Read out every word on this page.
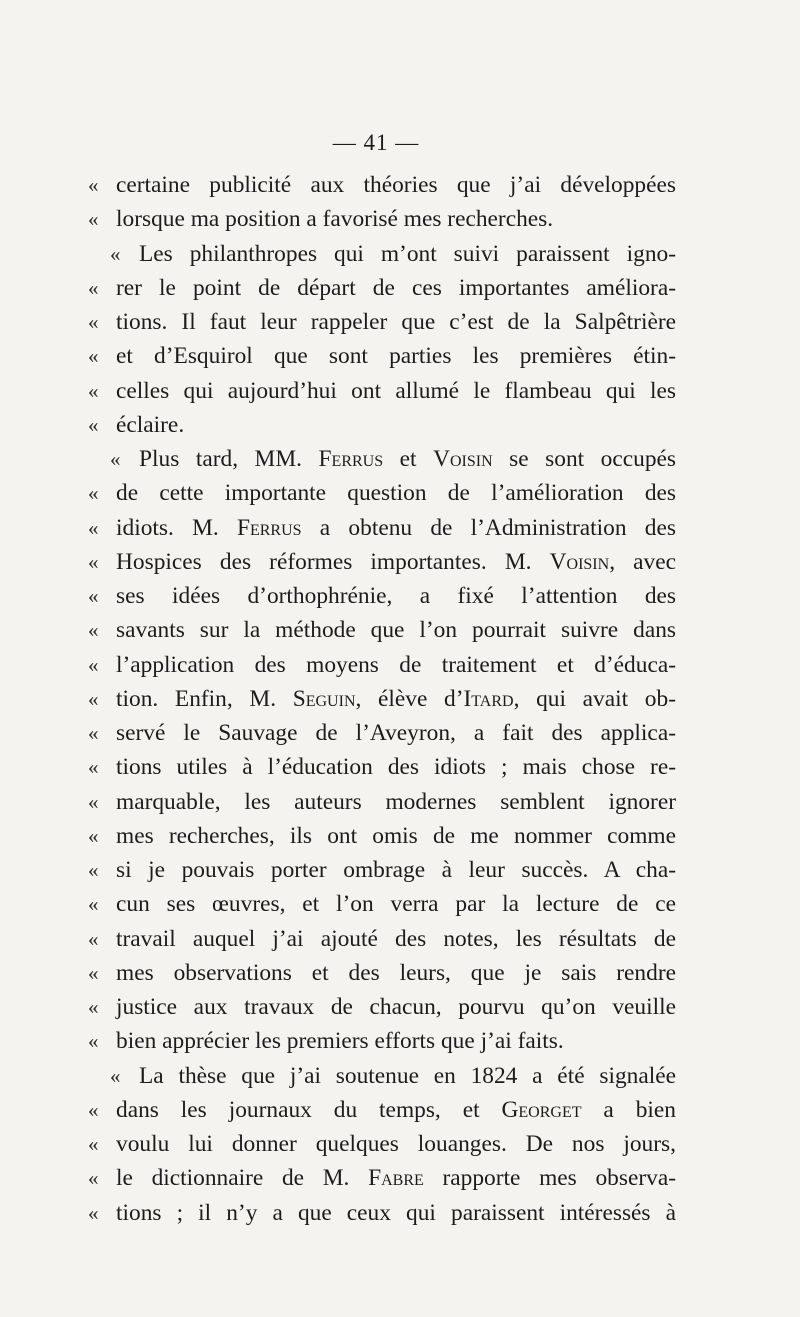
— 41 —
« certaine publicité aux théories que j’ai développées
« lorsque ma position a favorisé mes recherches.
« Les philanthropes qui m’ont suivi paraissent igno-
« rer le point de départ de ces importantes améliora-
« tions. Il faut leur rappeler que c’est de la Salpêtrière
« et d’Esquirol que sont parties les premières étin-
« celles qui aujourd’hui ont allumé le flambeau qui les
« éclaire.
« Plus tard, MM. Ferrus et Voisin se sont occupés
« de cette importante question de l’amélioration des
« idiots. M. Ferrus a obtenu de l’Administration des
« Hospices des réformes importantes. M. Voisin, avec
« ses idées d’orthophrénie, a fixé l’attention des
« savants sur la méthode que l’on pourrait suivre dans
« l’application des moyens de traitement et d’éduca-
« tion. Enfin, M. Seguin, élève d’Itard, qui avait ob-
« servé le Sauvage de l’Aveyron, a fait des applica-
« tions utiles à l’éducation des idiots ; mais chose re-
« marquable, les auteurs modernes semblent ignorer
« mes recherches, ils ont omis de me nommer comme
« si je pouvais porter ombrage à leur succès. A cha-
« cun ses œuvres, et l’on verra par la lecture de ce
« travail auquel j’ai ajouté des notes, les résultats de
« mes observations et des leurs, que je sais rendre
« justice aux travaux de chacun, pourvu qu’on veuille
« bien apprécier les premiers efforts que j’ai faits.
« La thèse que j’ai soutenue en 1824 a été signalée
« dans les journaux du temps, et Georget a bien
« voulu lui donner quelques louanges. De nos jours,
« le dictionnaire de M. Fabre rapporte mes observa-
« tions ; il n’y a que ceux qui paraissent intéressés à
